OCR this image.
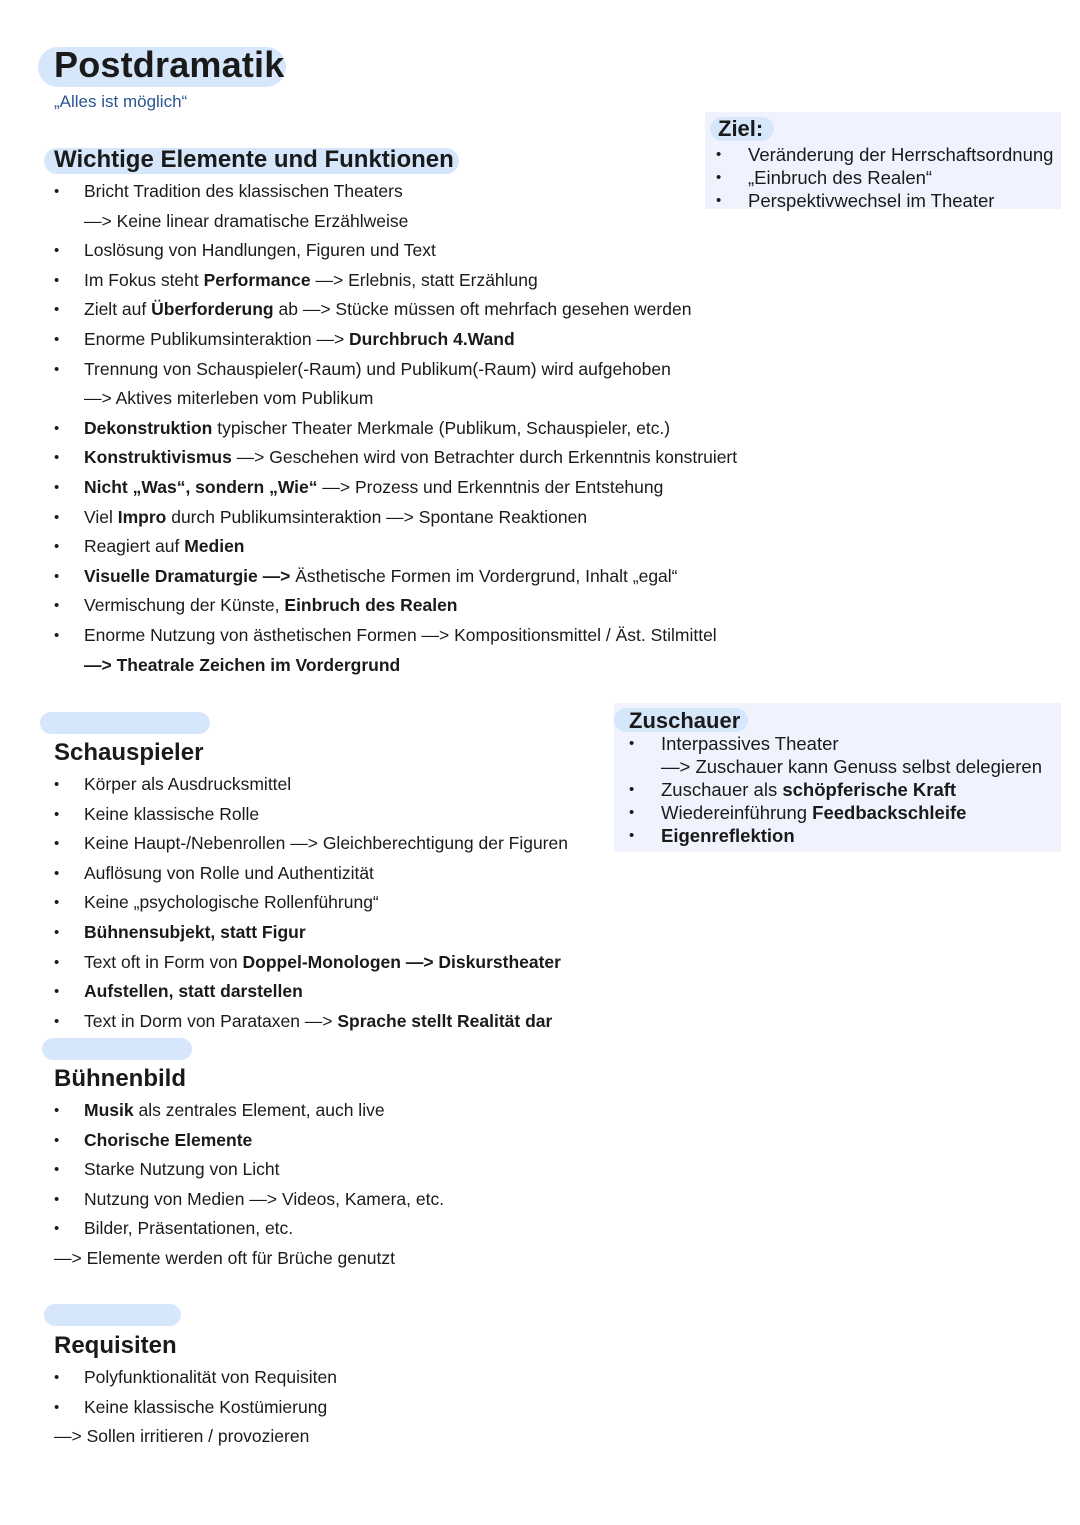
Postdramatik
„Alles ist möglich“
Ziel:
• Veränderung der Herrschaftsordnung
• „Einbruch des Realen“
• Perspektivwechsel im Theater
Wichtige Elemente und Funktionen
• Bricht Tradition des klassischen Theaters
—> Keine linear dramatische Erzählweise
• Loslösung von Handlungen, Figuren und Text
• Im Fokus steht Performance —> Erlebnis, statt Erzählung
• Zielt auf Überforderung ab —> Stücke müssen oft mehrfach gesehen werden
• Enorme Publikumsinteraktion —> Durchbruch 4.Wand
• Trennung von Schauspieler(-Raum) und Publikum(-Raum) wird aufgehoben
—> Aktives miterleben vom Publikum
• Dekonstruktion typischer Theater Merkmale (Publikum, Schauspieler, etc.)
• Konstruktivismus —> Geschehen wird von Betrachter durch Erkenntnis konstruiert
• Nicht „Was“, sondern „Wie“ —> Prozess und Erkenntnis der Entstehung
• Viel Impro durch Publikumsinteraktion —> Spontane Reaktionen
• Reagiert auf Medien
• Visuelle Dramaturgie —> Ästhetische Formen im Vordergrund, Inhalt „egal“
• Vermischung der Künste, Einbruch des Realen
• Enorme Nutzung von ästhetischen Formen —> Kompositionsmittel / Äst. Stilmittel
—> Theatrale Zeichen im Vordergrund
Zuschauer
• Interpassives Theater
—> Zuschauer kann Genuss selbst delegieren
• Zuschauer als schöpferische Kraft
• Wiedereinführung Feedbackschleife
• Eigenreflektion
Schauspieler
• Körper als Ausdrucksmittel
• Keine klassische Rolle
• Keine Haupt-/Nebenrollen —> Gleichberechtigung der Figuren
• Auflösung von Rolle und Authentizität
• Keine „psychologische Rollenführung“
• Bühnensubjekt, statt Figur
• Text oft in Form von Doppel-Monologen —> Diskurstheater
• Aufstellen, statt darstellen
• Text in Dorm von Parataxen —> Sprache stellt Realität dar
Bühnenbild
• Musik als zentrales Element, auch live
• Chorische Elemente
• Starke Nutzung von Licht
• Nutzung von Medien —> Videos, Kamera, etc.
• Bilder, Präsentationen, etc.
—> Elemente werden oft für Brüche genutzt
Requisiten
• Polyfunktionalität von Requisiten
• Keine klassische Kostümierung
—> Sollen irritieren / provozieren
